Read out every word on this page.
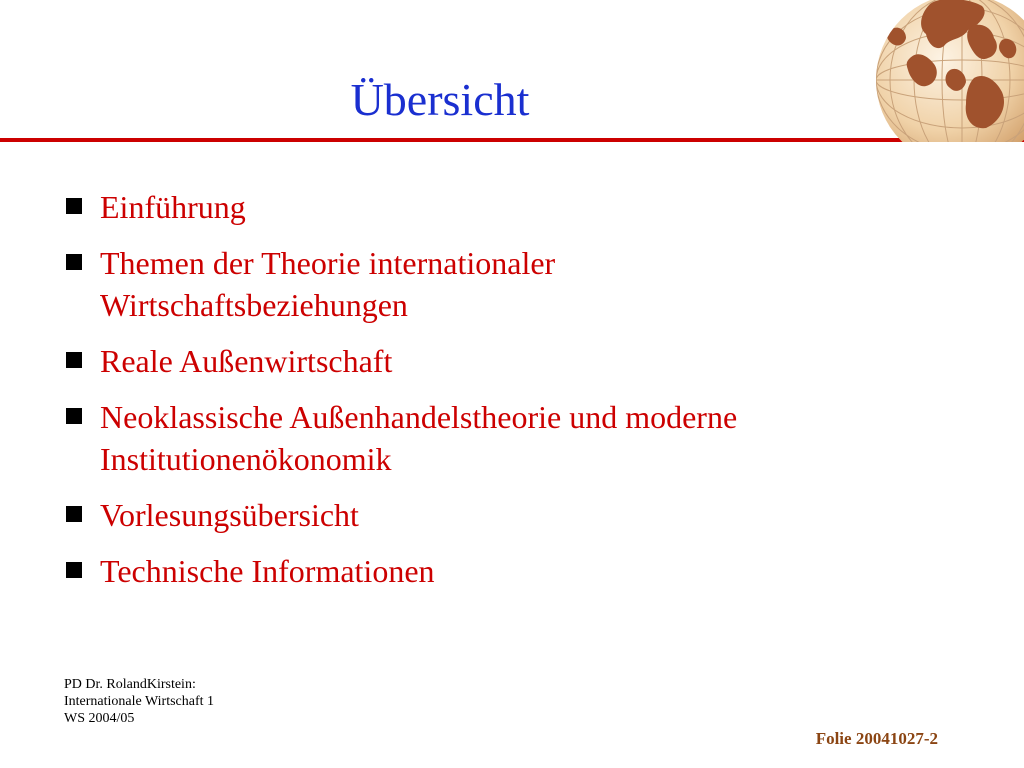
Übersicht
Einführung
Themen der Theorie internationaler
Wirtschaftsbeziehungen
Reale Außenwirtschaft
Neoklassische Außenhandelstheorie und moderne
Institutionenökonomik
Vorlesungsübersicht
Technische Informationen
PD Dr. RolandKirstein:
Internationale Wirtschaft 1
WS 2004/05
Folie 20041027-2
